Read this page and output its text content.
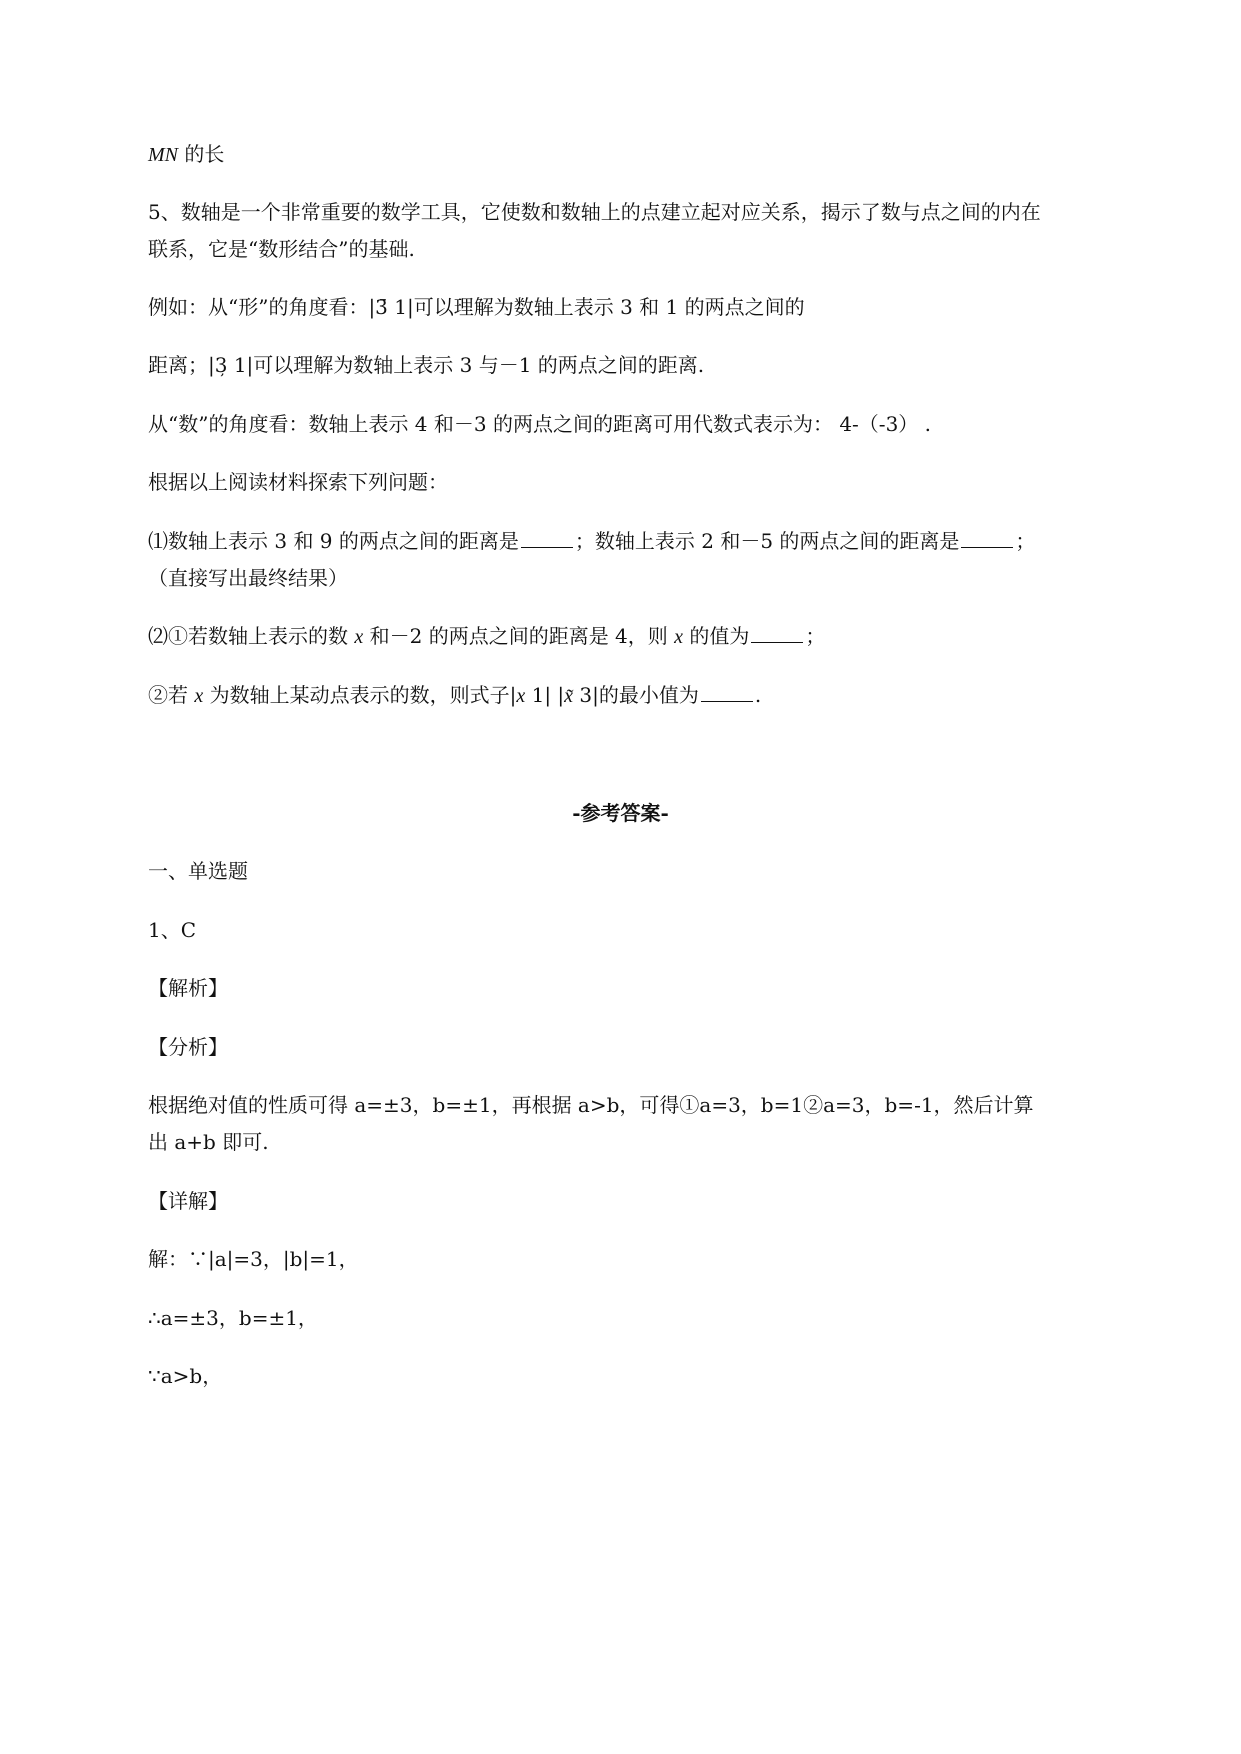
MN 的长
5、数轴是一个非常重要的数学工具，它使数和数轴上的点建立起对应关系，揭示了数与点之间的内在
联系，它是“数形结合”的基础.
例如：从“形”的角度看：|3̄ 1|可以理解为数轴上表示 3 和 1 的两点之间的
距离；|3̦ 1|可以理解为数轴上表示 3 与－1 的两点之间的距离.
从“数”的角度看：数轴上表示 4 和－3 的两点之间的距离可用代数式表示为： 4-（-3） .
根据以上阅读材料探索下列问题：
⑴数轴上表示 3 和 9 的两点之间的距离是	；数轴上表示 2 和－5 的两点之间的距离是	；
（直接写出最终结果）
⑵①若数轴上表示的数 x 和－2 的两点之间的距离是 4，则 x 的值为	；
②若 x 为数轴上某动点表示的数，则式子|x 1| |x̃ 3|的最小值为	.
-参考答案-
一、单选题
1、C
【解析】
【分析】
根据绝对值的性质可得 a=±3，b=±1，再根据 a>b，可得①a=3，b=1②a=3，b=-1，然后计算
出 a+b 即可.
【详解】
解：∵|a|=3，|b|=1，
∴a=±3，b=±1，
∵a>b，
